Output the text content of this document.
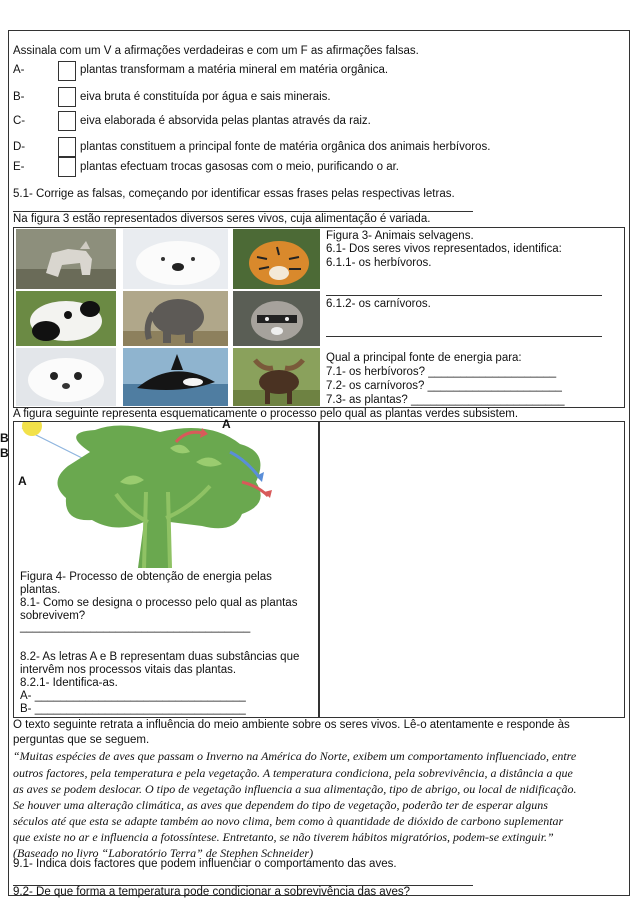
Assinala com um V a afirmações verdadeiras e com um F as afirmações falsas.
A-	plantas transformam a matéria mineral em matéria orgânica.
B-	eiva bruta é constituída por água e sais minerais.
C-	eiva elaborada é absorvida pelas plantas através da raiz.
D-	plantas constituem a principal fonte de matéria orgânica dos animais herbívoros.
E-	plantas efectuam trocas gasosas com o meio, purificando o ar.
5.1- Corrige as falsas, começando por identificar essas frases pelas respectivas letras.
Na figura 3 estão representados diversos seres vivos, cuja alimentação é variada.
Figura 3- Animais selvagens.
6.1- Dos seres vivos representados, identifica:
6.1.1- os herbívoros.
6.1.2- os carnívoros.
Qual a principal fonte de energia para:
7.1- os herbívoros? ____________________
7.2- os carnívoros? _____________________
7.3- as plantas? ________________________
A figura seguinte representa esquematicamente o processo pelo qual as plantas verdes subsistem.
A
B
B
A
Figura 4- Processo de obtenção de energia pelas
plantas.
8.1- Como se designa o processo pelo qual as plantas
sobrevivem?
____________________________________
8.2- As letras A e B representam duas substâncias que
intervêm nos processos vitais das plantas.
8.2.1- Identifica-as.
A- _________________________________
B- _________________________________
O texto seguinte retrata a influência do meio ambiente sobre os seres vivos. Lê-o atentamente e responde às
perguntas que se seguem.
“Muitas espécies de aves que passam o Inverno na América do Norte, exibem um comportamento influenciado, entre
outros factores, pela temperatura e pela vegetação. A temperatura condiciona, pela sobrevivência, a distância a que
as aves se podem deslocar. O tipo de vegetação influencia a sua alimentação, tipo de abrigo, ou local de nidificação.
Se houver uma alteração climática, as aves que dependem do tipo de vegetação, poderão ter de esperar alguns
séculos até que esta se adapte também ao novo clima, bem como à quantidade de dióxido de carbono suplementar
que existe no ar e influencia a fotossíntese. Entretanto, se não tiverem hábitos migratórios, podem-se extinguir.”
(Baseado no livro “Laboratório Terra” de Stephen Schneider)
9.1- Indica dois factores que podem influenciar o comportamento das aves.
9.2- De que forma a temperatura pode condicionar a sobrevivência das aves?
